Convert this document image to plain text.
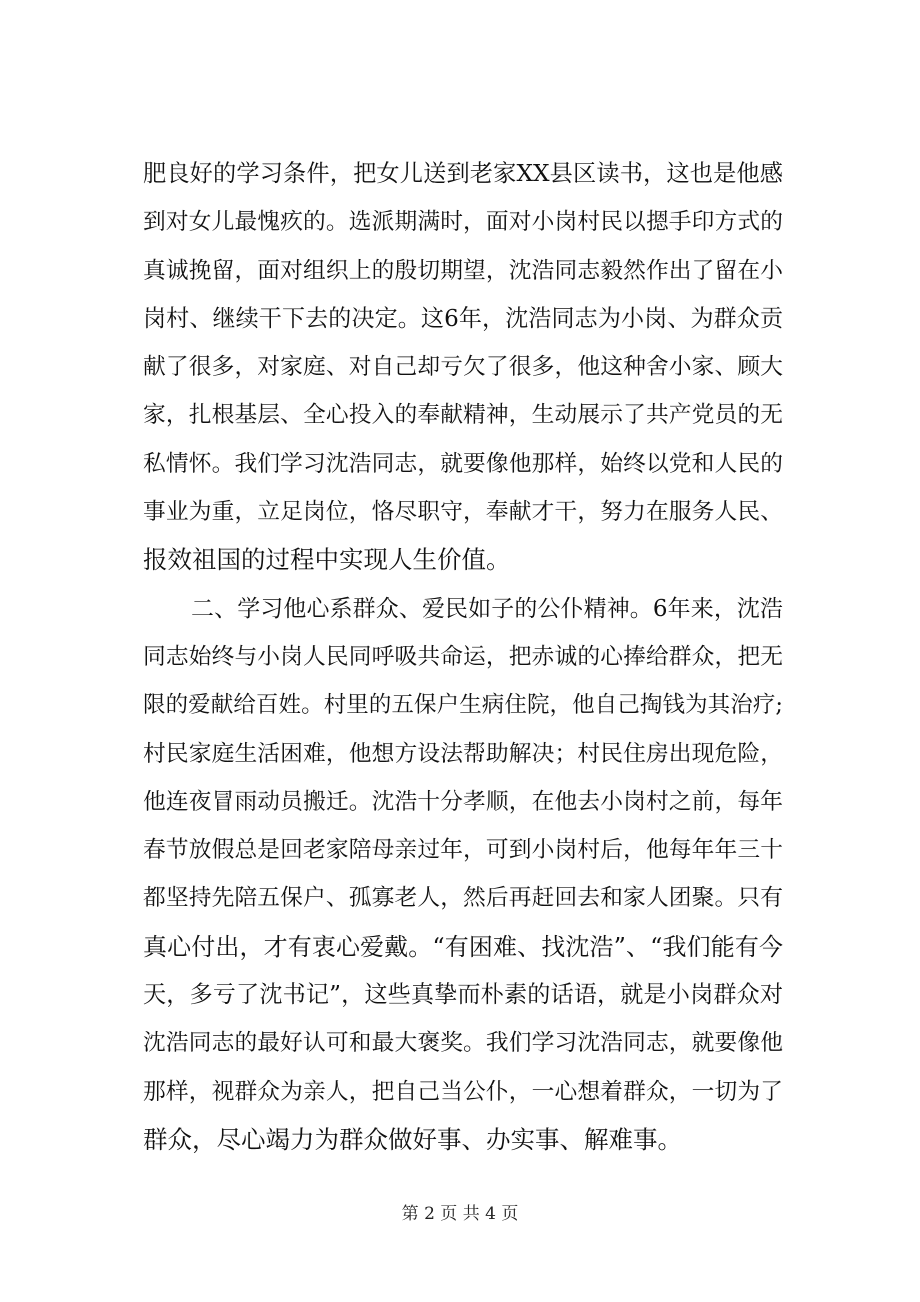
肥良好的学习条件，把女儿送到老家XX县区读书，这也是他感
到对女儿最愧疚的。选派期满时，面对小岗村民以摁手印方式的
真诚挽留，面对组织上的殷切期望，沈浩同志毅然作出了留在小
岗村、继续干下去的决定。这6年，沈浩同志为小岗、为群众贡
献了很多，对家庭、对自己却亏欠了很多，他这种舍小家、顾大
家，扎根基层、全心投入的奉献精神，生动展示了共产党员的无
私情怀。我们学习沈浩同志，就要像他那样，始终以党和人民的
事业为重，立足岗位，恪尽职守，奉献才干，努力在服务人民、
报效祖国的过程中实现人生价值。
二、学习他心系群众、爱民如子的公仆精神。6年来，沈浩
同志始终与小岗人民同呼吸共命运，把赤诚的心捧给群众，把无
限的爱献给百姓。村里的五保户生病住院，他自己掏钱为其治疗;
村民家庭生活困难，他想方设法帮助解决；村民住房出现危险，
他连夜冒雨动员搬迁。沈浩十分孝顺，在他去小岗村之前，每年
春节放假总是回老家陪母亲过年，可到小岗村后，他每年年三十
都坚持先陪五保户、孤寡老人，然后再赶回去和家人团聚。只有
真心付出，才有衷心爱戴。“有困难、找沈浩”、“我们能有今
天，多亏了沈书记”，这些真挚而朴素的话语，就是小岗群众对
沈浩同志的最好认可和最大褒奖。我们学习沈浩同志，就要像他
那样，视群众为亲人，把自己当公仆，一心想着群众，一切为了
群众，尽心竭力为群众做好事、办实事、解难事。
第 2 页 共 4 页
